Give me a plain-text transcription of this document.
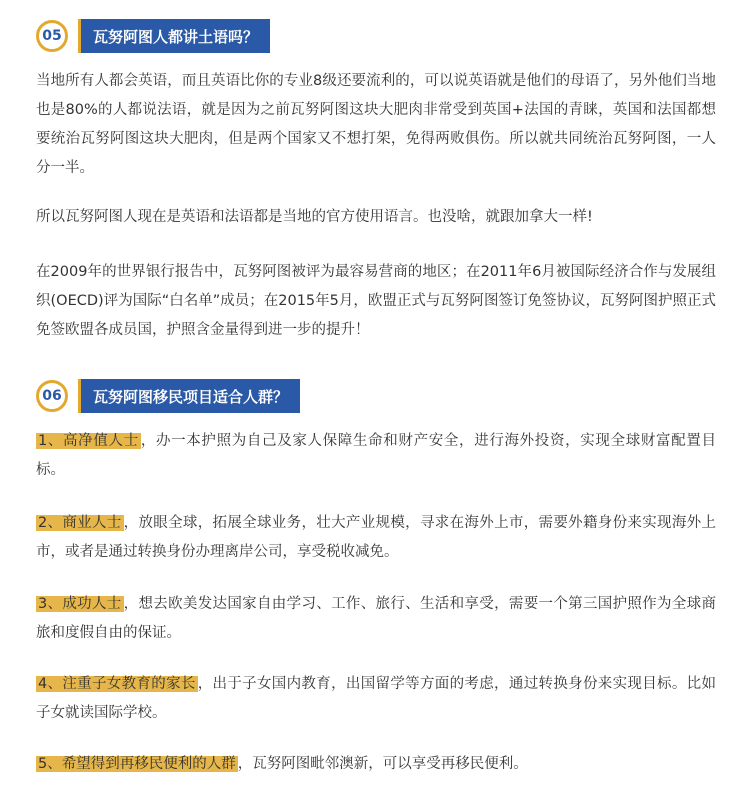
05	瓦努阿图人都讲土语吗？

当地所有人都会英语，而且英语比你的专业8级还要流利的，可以说英语就是他们的母语了，另外他们当地也是80%的人都说法语，就是因为之前瓦努阿图这块大肥肉非常受到英国+法国的青睐，英国和法国都想要统治瓦努阿图这块大肥肉，但是两个国家又不想打架，免得两败俱伤。所以就共同统治瓦努阿图，一人分一半。

所以瓦努阿图人现在是英语和法语都是当地的官方使用语言。也没啥，就跟加拿大一样!

在2009年的世界银行报告中，瓦努阿图被评为最容易营商的地区；在2011年6月被国际经济合作与发展组织(OECD)评为国际“白名单”成员；在2015年5月，欧盟正式与瓦努阿图签订免签协议，瓦努阿图护照正式免签欧盟各成员国，护照含金量得到进一步的提升！

06	瓦努阿图移民项目适合人群？

1、高净值人士 ，办一本护照为自己及家人保障生命和财产安全，进行海外投资，实现全球财富配置目标。

2、商业人士 ，放眼全球，拓展全球业务，壮大产业规模，寻求在海外上市，需要外籍身份来实现海外上市，或者是通过转换身份办理离岸公司，享受税收减免。

3、成功人士 ，想去欧美发达国家自由学习、工作、旅行、生活和享受，需要一个第三国护照作为全球商旅和度假自由的保证。

4、注重子女教育的家长 ，出于子女国内教育，出国留学等方面的考虑，通过转换身份来实现目标。比如子女就读国际学校。

5、希望得到再移民便利的人群 ，瓦努阿图毗邻澳新，可以享受再移民便利。
